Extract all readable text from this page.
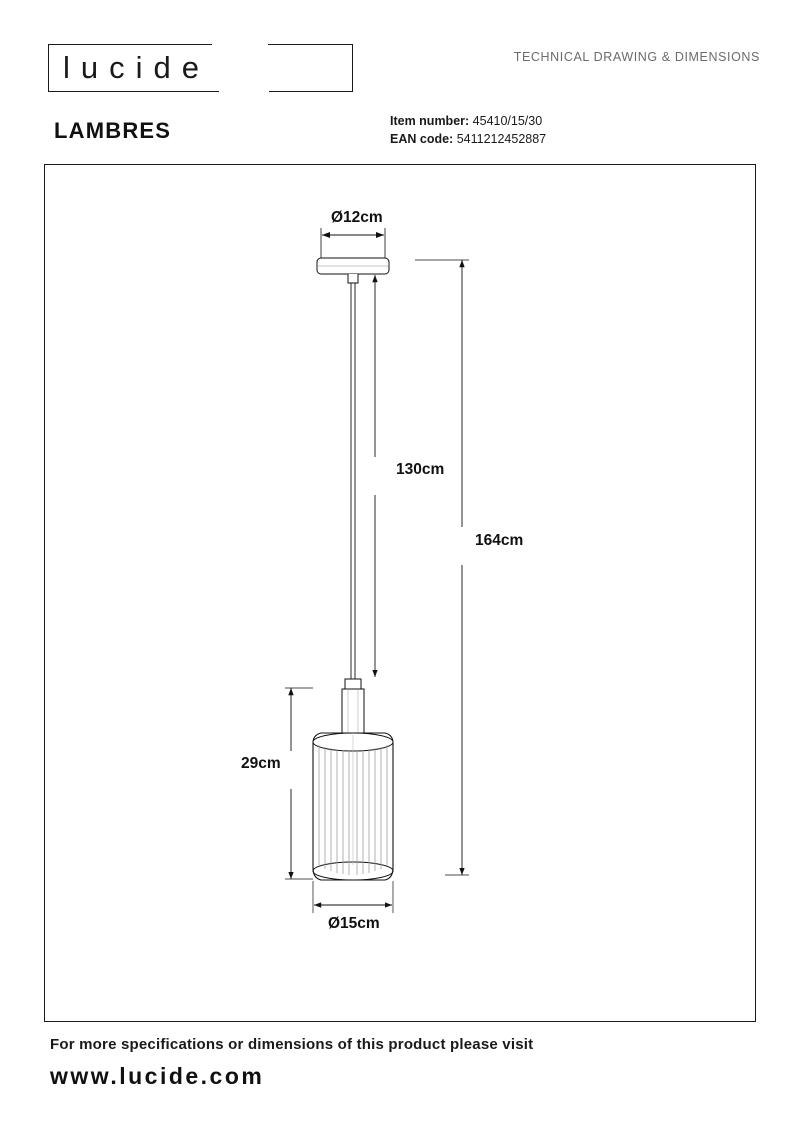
lucide	TECHNICAL DRAWING & DIMENSIONS
LAMBRES	Item number: 45410/15/30
EAN code: 5411212452887
Ø12cm
130cm
164cm
29cm
Ø15cm
For more specifications or dimensions of this product please visit
www.lucide.com
